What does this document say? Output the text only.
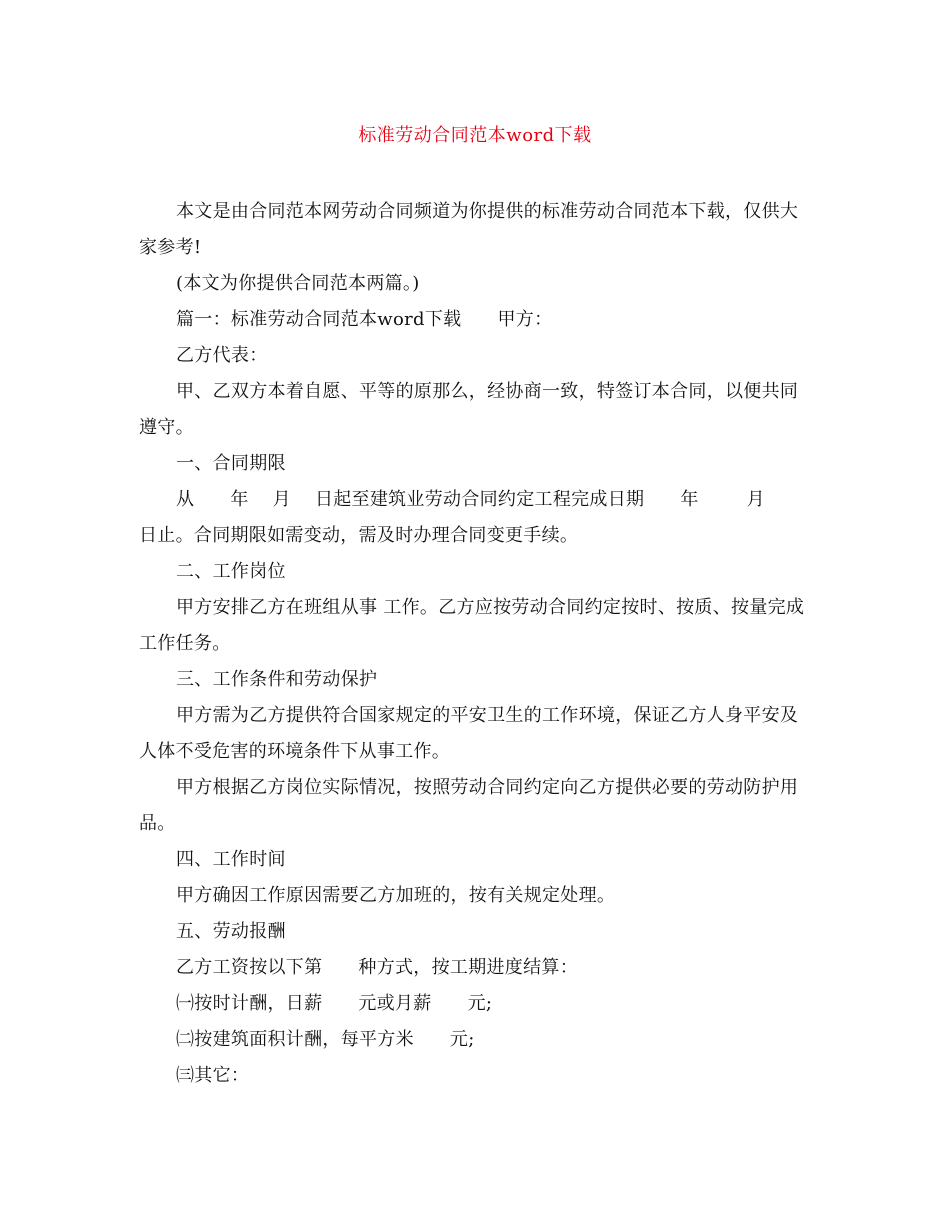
标准劳动合同范本word下载

本文是由合同范本网劳动合同频道为你提供的标准劳动合同范本下载，仅供大家参考!

(本文为你提供合同范本两篇。)

篇一：标准劳动合同范本word下载 甲方：

乙方代表：

甲、乙双方本着自愿、平等的原那么，经协商一致，特签订本合同，以便共同遵守。

一、合同期限

从 年 月 日起至建筑业劳动合同约定工程完成日期 年	月日止。合同期限如需变动，需及时办理合同变更手续。

二、工作岗位

甲方安排乙方在班组从事 工作。乙方应按劳动合同约定按时、按质、按量完成工作任务。

三、工作条件和劳动保护

甲方需为乙方提供符合国家规定的平安卫生的工作环境，保证乙方人身平安及人体不受危害的环境条件下从事工作。

甲方根据乙方岗位实际情况，按照劳动合同约定向乙方提供必要的劳动防护用品。

四、工作时间

甲方确因工作原因需要乙方加班的，按有关规定处理。

五、劳动报酬

乙方工资按以下第 种方式，按工期进度结算：

㈠按时计酬，日薪 元或月薪 元;

㈡按建筑面积计酬，每平方米 元;

㈢其它：
